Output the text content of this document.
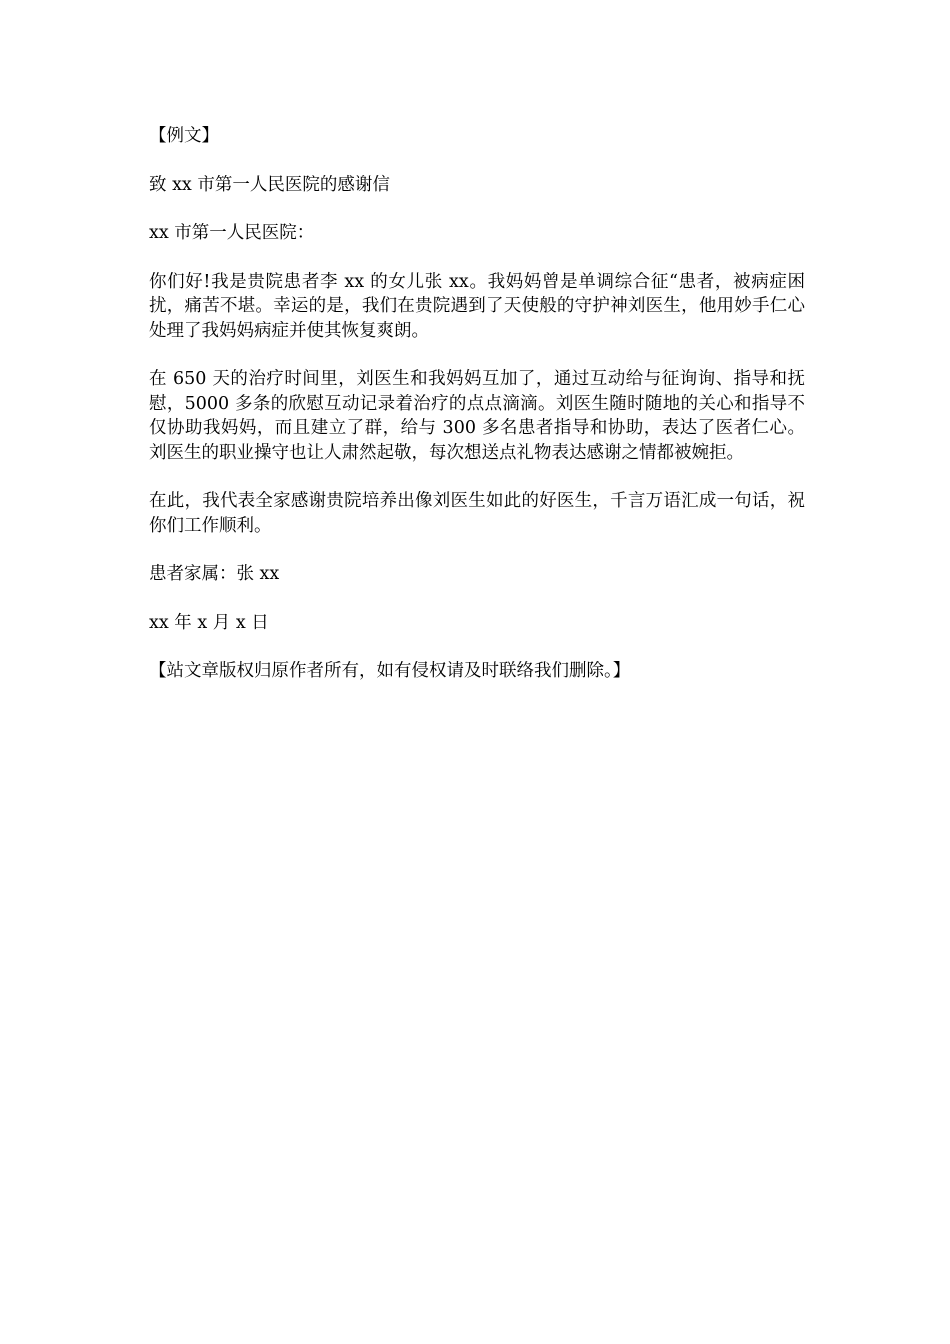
【例文】

致 xx 市第一人民医院的感谢信

xx 市第一人民医院：

你们好!我是贵院患者李 xx 的女儿张 xx。我妈妈曾是单调综合征“患者，被病症困扰，痛苦不堪。幸运的是，我们在贵院遇到了天使般的守护神刘医生，他用妙手仁心处理了我妈妈病症并使其恢复爽朗。

在 650 天的治疗时间里，刘医生和我妈妈互加了，通过互动给与征询询、指导和抚慰，5000 多条的欣慰互动记录着治疗的点点滴滴。刘医生随时随地的关心和指导不仅协助我妈妈，而且建立了群，给与 300 多名患者指导和协助，表达了医者仁心。刘医生的职业操守也让人肃然起敬，每次想送点礼物表达感谢之情都被婉拒。

在此，我代表全家感谢贵院培养出像刘医生如此的好医生，千言万语汇成一句话，祝你们工作顺利。

患者家属：张 xx

xx 年 x 月 x 日

【站文章版权归原作者所有，如有侵权请及时联络我们删除。】
